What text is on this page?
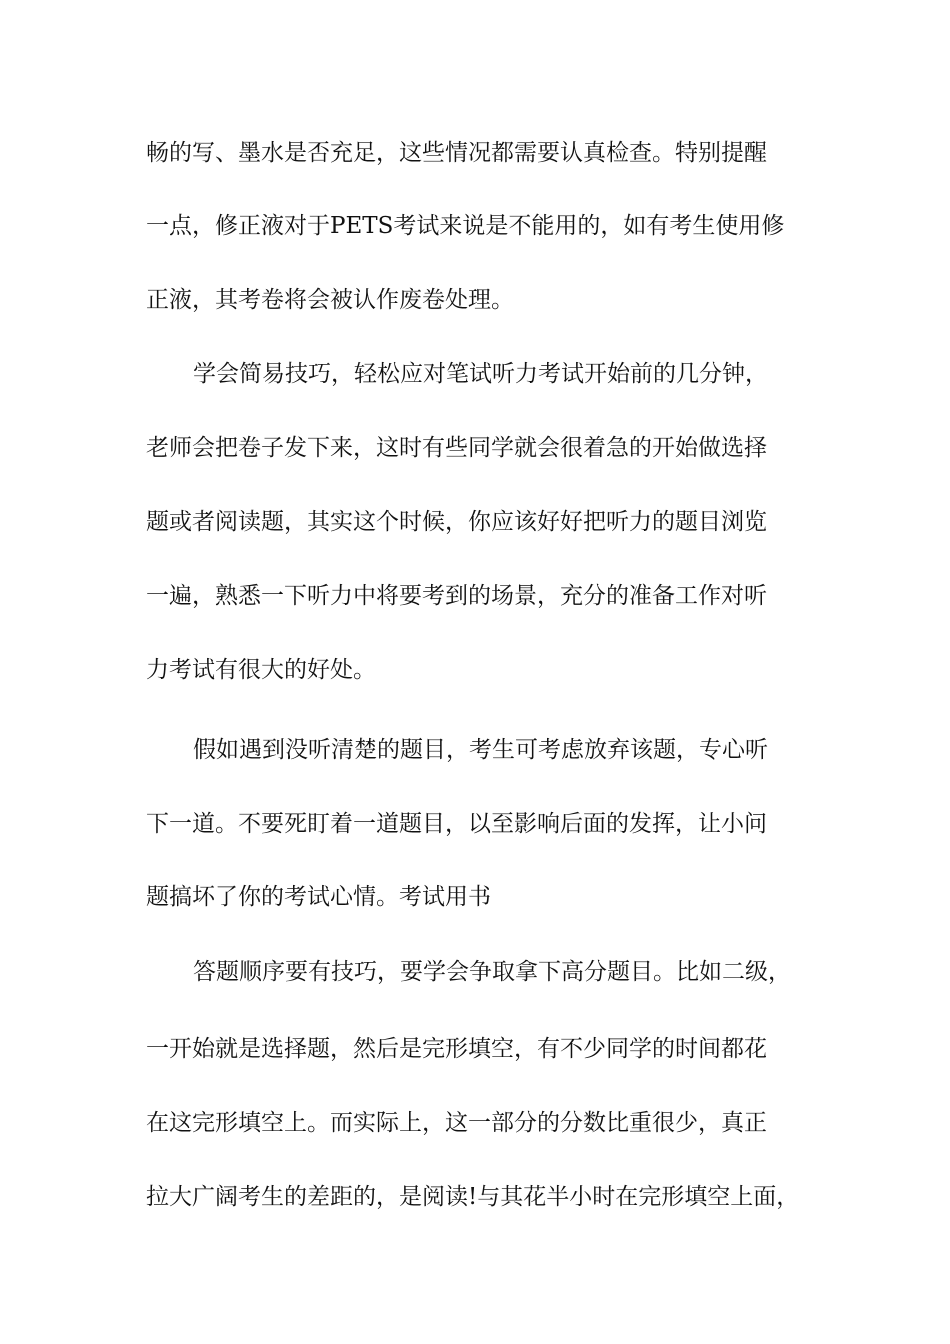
畅的写、墨水是否充足，这些情况都需要认真检查。特别提醒
一点，修正液对于PETS考试来说是不能用的，如有考生使用修
正液，其考卷将会被认作废卷处理。
学会简易技巧，轻松应对笔试听力考试开始前的几分钟，
老师会把卷子发下来，这时有些同学就会很着急的开始做选择
题或者阅读题，其实这个时候，你应该好好把听力的题目浏览
一遍，熟悉一下听力中将要考到的场景，充分的准备工作对听
力考试有很大的好处。
假如遇到没听清楚的题目，考生可考虑放弃该题，专心听
下一道。不要死盯着一道题目，以至影响后面的发挥，让小问
题搞坏了你的考试心情。考试用书
答题顺序要有技巧，要学会争取拿下高分题目。比如二级，
一开始就是选择题，然后是完形填空，有不少同学的时间都花
在这完形填空上。而实际上，这一部分的分数比重很少，真正
拉大广阔考生的差距的，是阅读!与其花半小时在完形填空上面，
